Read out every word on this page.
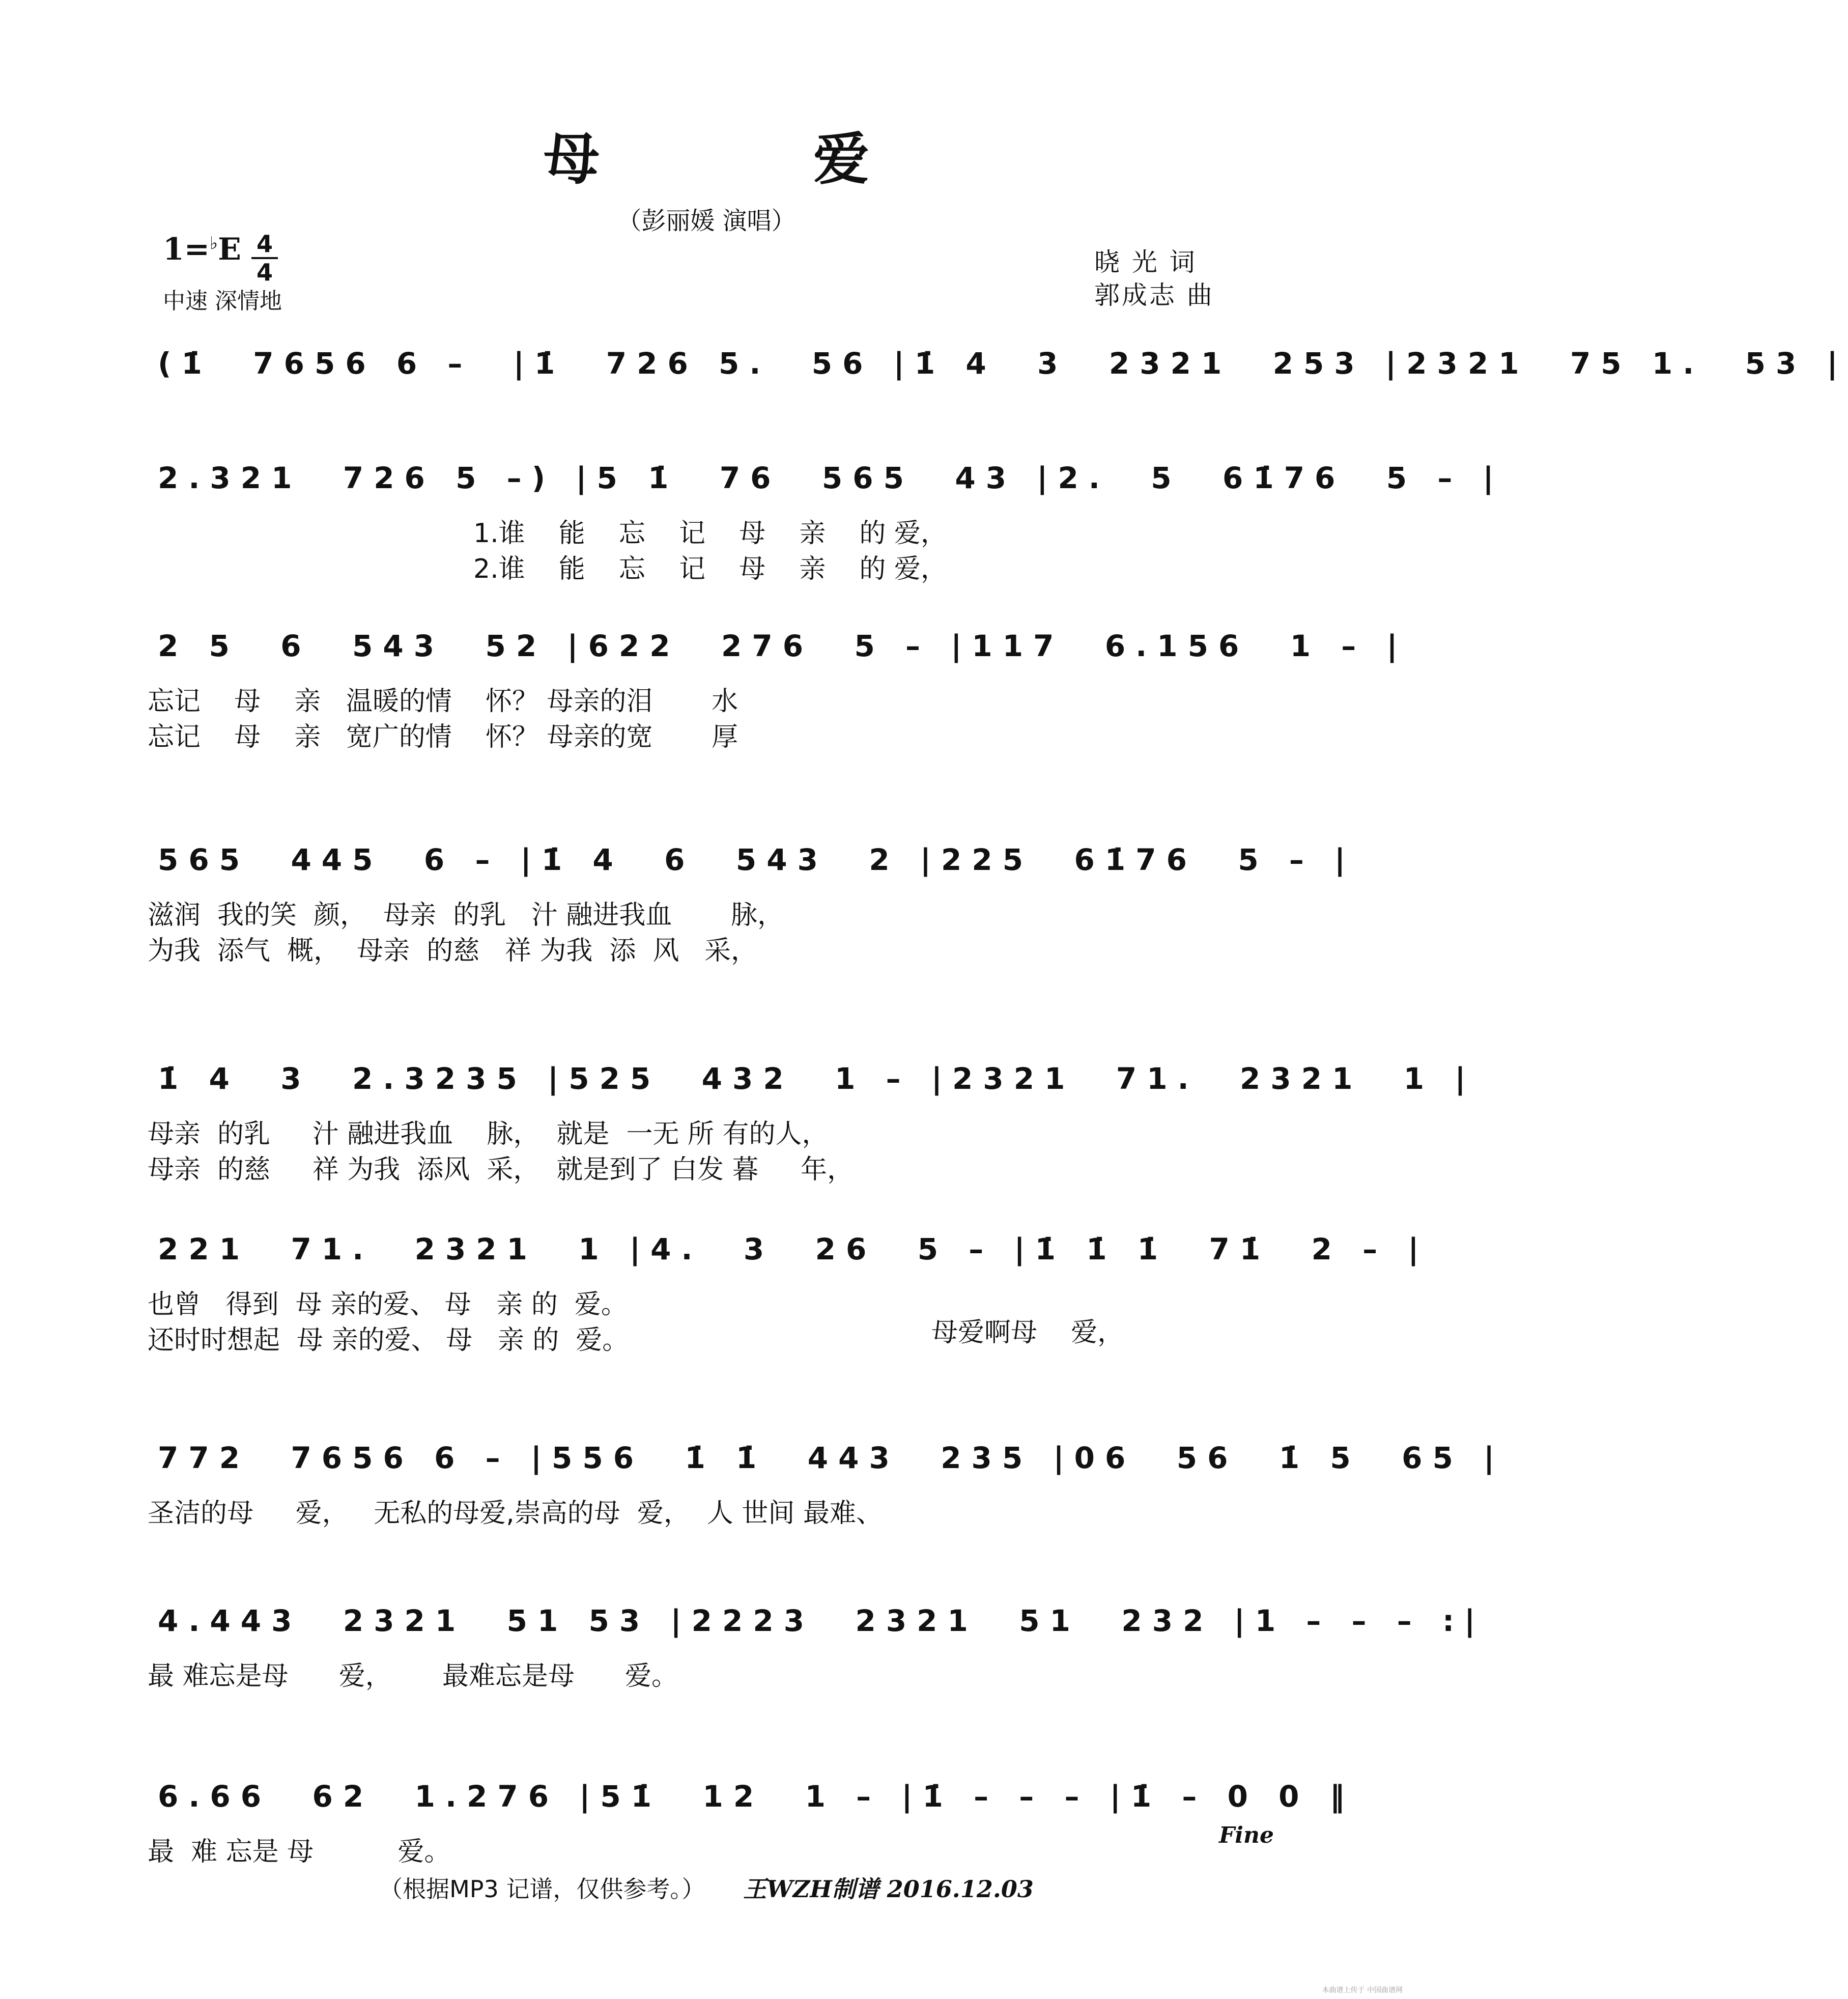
母	爱
（彭丽媛 演唱）
1=♭E 4
4
中速 深情地
晓 光 词
郭成志 曲
(1̇  7656 6 –  |1̇  726 5.  56 |1̇ 4  3  2321  253 |2321  75 1.  53 |
2.321  726 5 –) |5 1̇  76  565  43 |2.  5  61̇76  5 – |
1.谁    能    忘    记    母    亲    的 爱，
2.谁    能    忘    记    母    亲    的 爱，
2 5  6  543  52 |622  276  5 – |117  6.156  1 – |
忘记    母    亲   温暖的情    怀？ 母亲的泪       水
忘记    母    亲   宽广的情    怀？ 母亲的宽       厚
565  445  6 – |1̇ 4  6  543  2 |225  61̇76  5 – |
滋润  我的笑  颜，  母亲  的乳   汁 融进我血       脉，
为我  添气  概，  母亲  的慈   祥 为我  添  风   采，
1̇ 4  3  2.3235 |525  432  1 – |2321  71.  2321  1 |
母亲  的乳     汁 融进我血    脉，  就是  一无 所 有的人，
母亲  的慈     祥 为我  添风  采，  就是到了 白发 暮     年，
221  71.  2321  1 |4.  3  26  5 – |1̇ 1̇ 1̇  71̇  2 – |
也曾   得到  母 亲的爱、 母   亲 的  爱。
还时时想起  母 亲的爱、 母   亲 的  爱。
772  7656 6 – |556  1̇ 1̇  443  235 |06  56  1̇ 5  65 |
圣洁的母     爱，   无私的母爱,崇高的母  爱，  人 世间 最难、
4.443  2321  51 53 |2223  2321  51  232 |1 – – – :|
最 难忘是母      爱，      最难忘是母      爱。
6.66  62  1.276 |51̇  12  1 – |1̇ – – – |1̇ – 0 0 ‖
最  难 忘是 母          爱。
母爱啊母    爱，
Fine
（根据MP3 记谱，仅供参考。） 王WZH制谱 2016.12.03
本曲谱上传于 中国曲谱网
